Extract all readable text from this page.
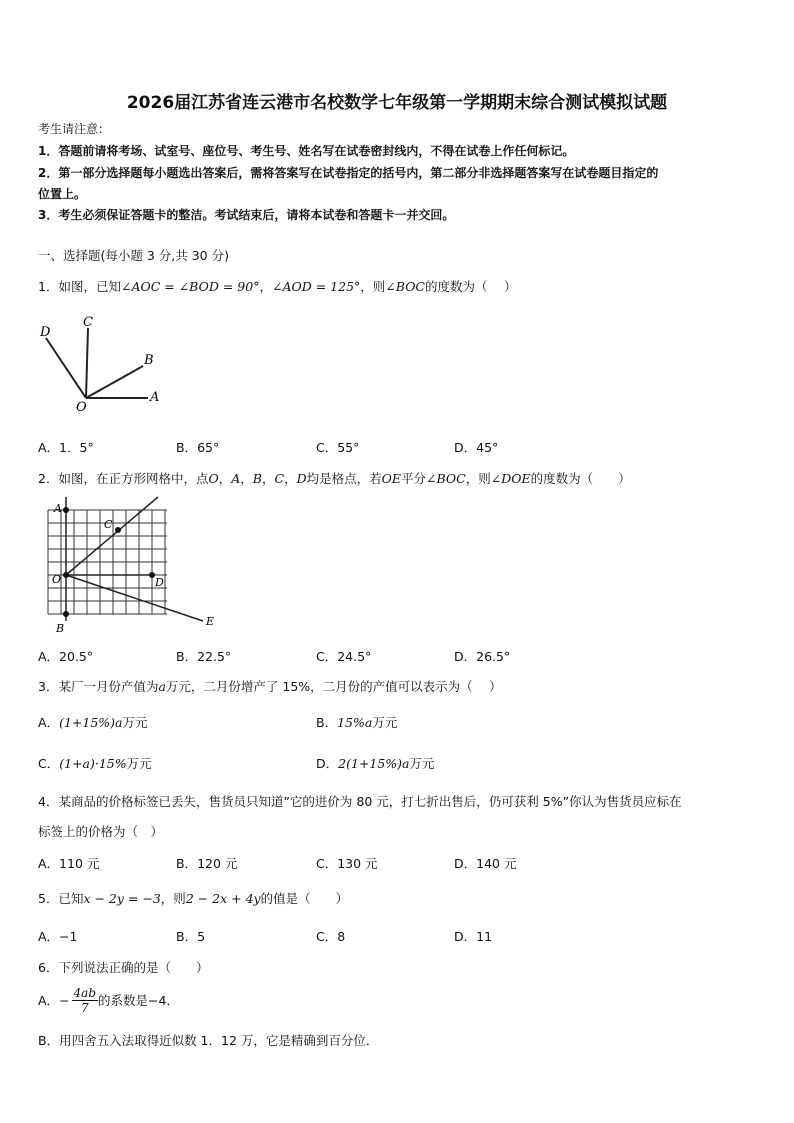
2026届江苏省连云港市名校数学七年级第一学期期末综合测试模拟试题
考生请注意：
1．答题前请将考场、试室号、座位号、考生号、姓名写在试卷密封线内，不得在试卷上作任何标记。
2．第一部分选择题每小题选出答案后，需将答案写在试卷指定的括号内，第二部分非选择题答案写在试卷题目指定的
位置上。
3．考生必须保证答题卡的整洁。考试结束后，请将本试卷和答题卡一并交回。
一、选择题(每小题 3 分,共 30 分)
1．如图，已知∠AOC = ∠BOD = 90°，∠AOD = 125°，则∠BOC的度数为（　 ）
D
C
B
O
A
A．1．5°	B．65°	C．55°	D．45°
2．如图，在正方形网格中，点O，A，B，C，D均是格点，若OE平分∠BOC，则∠DOE的度数为（　　）
A
C
O	D
B
E
A．20.5°	B．22.5°	C．24.5°	D．26.5°
3．某厂一月份产值为a万元，二月份增产了 15%，二月份的产值可以表示为（　 ）
A．(1+15%)a万元	B．15%a万元
C．(1+a)·15%万元	D．2(1+15%)a万元
4．某商品的价格标签已丢失，售货员只知道”它的进价为 80 元，打七折出售后，仍可获利 5%”你认为售货员应标在
标签上的价格为（　）
A．110 元	B．120 元	C．130 元	D．140 元
5．已知x − 2y = −3，则2 − 2x + 4y的值是（　　）
A．−1	B．5	C．8	D．11
6．下列说法正确的是（　　）
A． − $\frac{4ab}{7}$ 的系数是−4．
B．用四舍五入法取得近似数 1．12 万，它是精确到百分位．
